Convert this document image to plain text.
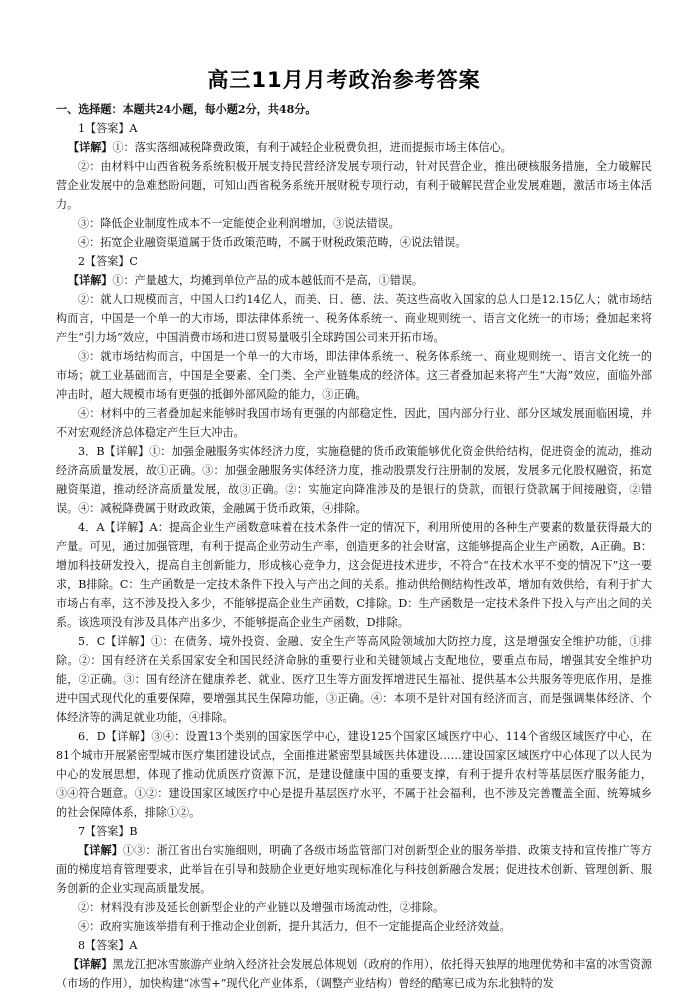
高三11月月考政治参考答案

一、选择题：本题共24小题，每小题2分，共48分。

1【答案】A

【详解】①：落实落细减税降费政策，有利于减轻企业税费负担，进而提振市场主体信心。

②：由材料中山西省税务系统积极开展支持民营经济发展专项行动，针对民营企业，推出硬核服务措施，全力破解民营企业发展中的急难愁盼问题，可知山西省税务系统开展财税专项行动，有利于破解民营企业发展难题，激活市场主体活力。

③：降低企业制度性成本不一定能使企业利润增加，③说法错误。

④：拓宽企业融资渠道属于货币政策范畴，不属于财税政策范畴，④说法错误。

2【答案】C

【详解】①：产量越大，均摊到单位产品的成本越低而不是高，①错误。

②：就人口规模而言，中国人口约14亿人，而美、日、德、法、英这些高收入国家的总人口是12.15亿人；就市场结构而言，中国是一个单一的大市场，即法律体系统一、税务体系统一、商业规则统一、语言文化统一的市场；叠加起来将产生“引力场”效应，中国消费市场和进口贸易量吸引全球跨国公司来开拓市场。

③：就市场结构而言，中国是一个单一的大市场，即法律体系统一、税务体系统一、商业规则统一、语言文化统一的市场；就工业基础而言，中国是全要素、全门类、全产业链集成的经济体。这三者叠加起来将产生“大海”效应，面临外部冲击时，超大规模市场有更强的抵御外部风险的能力，③正确。

④：材料中的三者叠加起来能够时我国市场有更强的内部稳定性，因此，国内部分行业、部分区域发展面临困境，并不对宏观经济总体稳定产生巨大冲击。

3．B【详解】①：加强金融服务实体经济力度，实施稳健的货币政策能够优化资金供给结构，促进资金的流动，推动经济高质量发展，故①正确。③：加强金融服务实体经济力度，推动股票发行注册制的发展，发展多元化股权融资，拓宽融资渠道，推动经济高质量发展，故③正确。②：实施定向降准涉及的是银行的贷款，而银行贷款属于间接融资，②错误。④：减税降费属于财政政策，金融属于货币政策，④排除。

4．A【详解】A：提高企业生产函数意味着在技术条件一定的情况下，利用所使用的各种生产要素的数量获得最大的产量。可见，通过加强管理，有利于提高企业劳动生产率，创造更多的社会财富，这能够提高企业生产函数，A正确。B：增加科技研发投入，提高自主创新能力，形成核心竞争力，这会促进技术进步，不符合“在技术水平不变的情况下”这一要求，B排除。C：生产函数是一定技术条件下投入与产出之间的关系。推动供给侧结构性改革，增加有效供给，有利于扩大市场占有率，这不涉及投入多少，不能够提高企业生产函数，C排除。D：生产函数是一定技术条件下投入与产出之间的关系。该选项没有涉及具体产出多少，不能够提高企业生产函数，D排除。

5．C【详解】①：在债务、境外投资、金融、安全生产等高风险领域加大防控力度，这是增强安全维护功能，①排除。②：国有经济在关系国家安全和国民经济命脉的重要行业和关键领域占支配地位，要重点布局，增强其安全维护功能，②正确。③：国有经济在健康养老、就业、医疗卫生等方面发挥增进民生福祉、提供基本公共服务等兜底作用，是推进中国式现代化的重要保障，要增强其民生保障功能，③正确。④：本项不是针对国有经济而言，而是强调集体经济、个体经济等的满足就业功能，④排除。

6．D【详解】③④：设置13个类别的国家医学中心，建设125个国家区域医疗中心、114个省级区域医疗中心，在81个城市开展紧密型城市医疗集团建设试点，全面推进紧密型县域医共体建设……建设国家区域医疗中心体现了以人民为中心的发展思想，体现了推动优质医疗资源下沉，是建设健康中国的重要支撑，有利于提升农村等基层医疗服务能力，③④符合题意。①②：建设国家区域医疗中心是提升基层医疗水平，不属于社会福利，也不涉及完善覆盖全面、统筹城乡的社会保障体系，排除①②。

7【答案】B

【详解】①③：浙江省出台实施细则，明确了各级市场监管部门对创新型企业的服务举措、政策支持和宣传推广等方面的梯度培育管理要求，此举旨在引导和鼓励企业更好地实现标准化与科技创新融合发展；促进技术创新、管理创新、服务创新的企业实现高质量发展。

②：材料没有涉及延长创新型企业的产业链以及增强市场流动性，②排除。

④：政府实施该举措有利于推动企业创新，提升其活力，但不一定能提高企业经济效益。

8【答案】A

【详解】黑龙江把冰雪旅游产业纳入经济社会发展总体规划（政府的作用），依托得天独厚的地理优势和丰富的冰雪资源（市场的作用），加快构建“冰雪+”现代化产业体系，（调整产业结构）曾经的酷寒已成为东北独特的发
